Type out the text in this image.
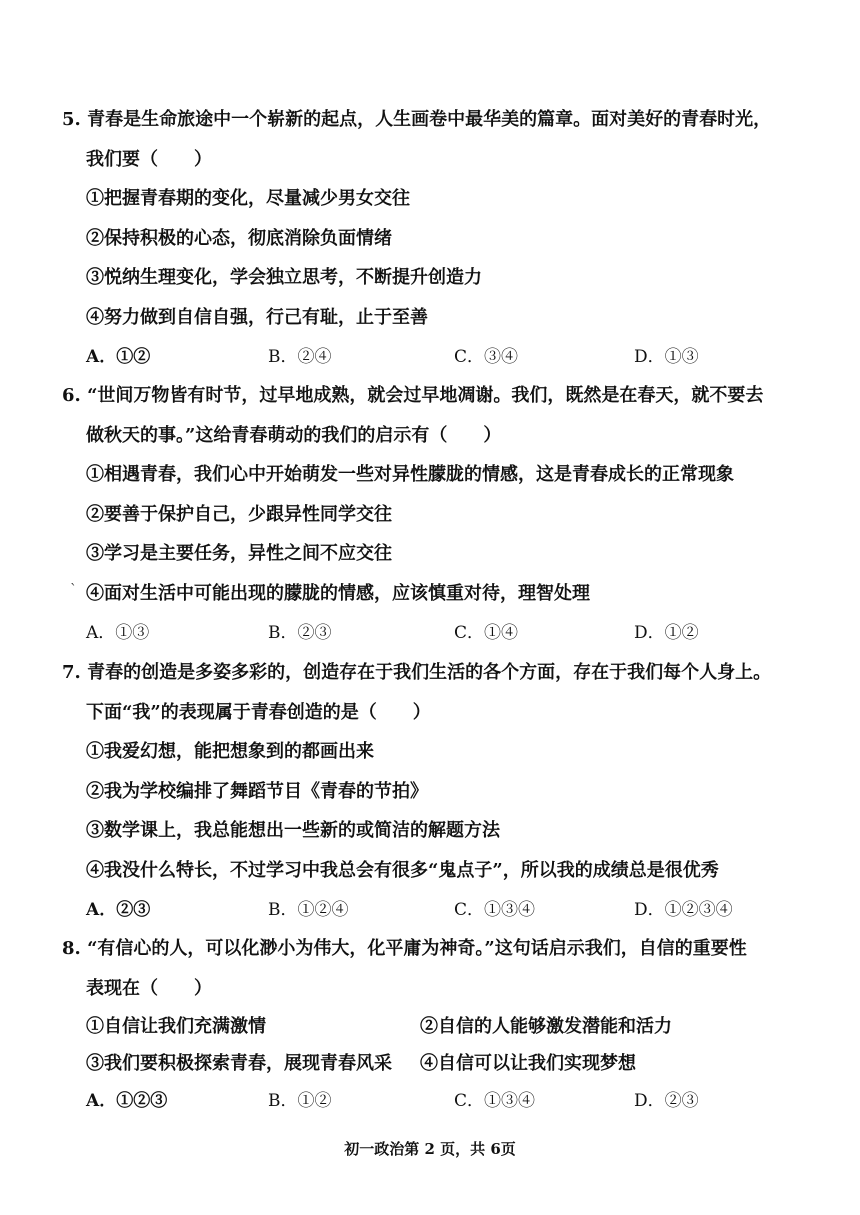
5. 青春是生命旅途中一个崭新的起点，人生画卷中最华美的篇章。面对美好的青春时光，
我们要（　　）
①把握青春期的变化，尽量减少男女交往
②保持积极的心态，彻底消除负面情绪
③悦纳生理变化，学会独立思考，不断提升创造力
④努力做到自信自强，行己有耻，止于至善
A．①②	B．②④	C．③④	D．①③
6. “世间万物皆有时节，过早地成熟，就会过早地凋谢。我们，既然是在春天，就不要去
做秋天的事。”这给青春萌动的我们的启示有（　　）
①相遇青春，我们心中开始萌发一些对异性朦胧的情感，这是青春成长的正常现象
②要善于保护自己，少跟异性同学交往
③学习是主要任务，异性之间不应交往
` ④面对生活中可能出现的朦胧的情感，应该慎重对待，理智处理
A．①③	B．②③	C．①④	D．①②
7. 青春的创造是多姿多彩的，创造存在于我们生活的各个方面，存在于我们每个人身上。
下面“我”的表现属于青春创造的是（　　）
①我爱幻想，能把想象到的都画出来
②我为学校编排了舞蹈节目《青春的节拍》
③数学课上，我总能想出一些新的或简洁的解题方法
④我没什么特长，不过学习中我总会有很多“鬼点子”，所以我的成绩总是很优秀
A．②③	B．①②④	C．①③④	D．①②③④
8. “有信心的人，可以化渺小为伟大，化平庸为神奇。”这句话启示我们，自信的重要性
表现在（　　）
①自信让我们充满激情	②自信的人能够激发潜能和活力
③我们要积极探索青春，展现青春风采 ④自信可以让我们实现梦想
A．①②③	B．①②	C．①③④	D．②③
初一政治第 2 页，共 6页
